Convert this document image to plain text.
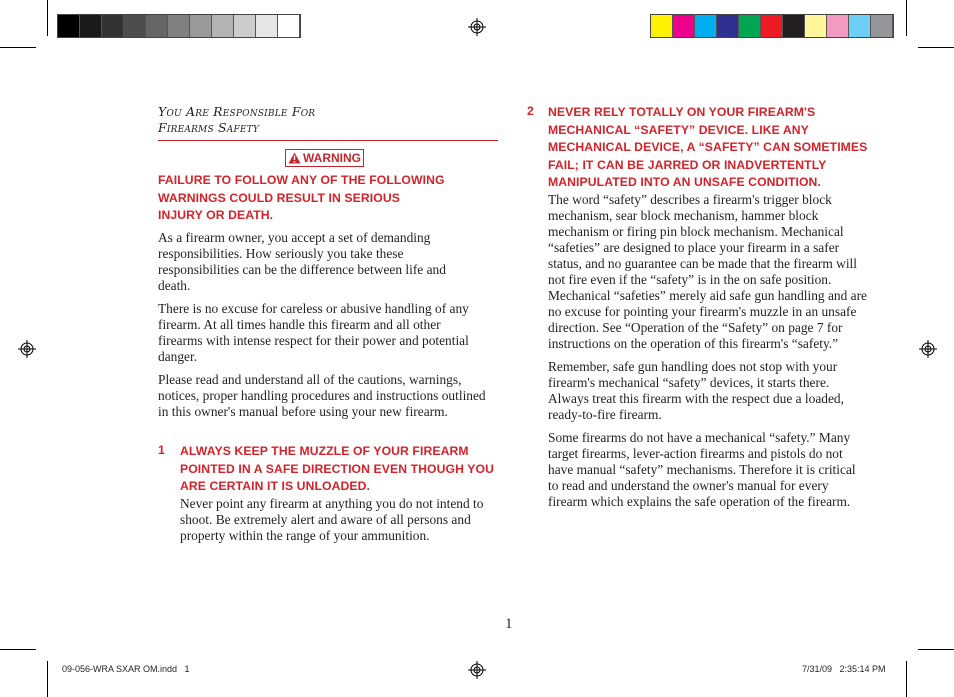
You Are Responsible For

Firearms Safety

WARNING

FAILURE TO FOLLOW ANY OF THE FOLLOWING WARNINGS COULD RESULT IN SERIOUS INJURY OR DEATH.

As a firearm owner, you accept a set of demanding responsibilities. How seriously you take these responsibilities can be the difference between life and death.

There is no excuse for careless or abusive handling of any firearm. At all times handle this firearm and all other firearms with intense respect for their power and potential danger.

Please read and understand all of the cautions, warnings, notices, proper handling procedures and instructions outlined in this owner's manual before using your new firearm.

1 ALWAYS KEEP THE MUZZLE OF YOUR FIREARM POINTED IN A SAFE DIRECTION EVEN THOUGH YOU ARE CERTAIN IT IS UNLOADED.

Never point any firearm at anything you do not intend to shoot. Be extremely alert and aware of all persons and property within the range of your ammunition.

2 NEVER RELY TOTALLY ON YOUR FIREARM'S MECHANICAL “SAFETY” DEVICE. LIKE ANY MECHANICAL DEVICE, A “SAFETY” CAN SOMETIMES FAIL; IT CAN BE JARRED OR INADVERTENTLY MANIPULATED INTO AN UNSAFE CONDITION.

The word “safety” describes a firearm's trigger block mechanism, sear block mechanism, hammer block mechanism or firing pin block mechanism. Mechanical “safeties” are designed to place your firearm in a safer status, and no guarantee can be made that the firearm will not fire even if the “safety” is in the on safe position. Mechanical “safeties” merely aid safe gun handling and are no excuse for pointing your firearm's muzzle in an unsafe direction. See “Operation of the “Safety” on page 7 for instructions on the operation of this firearm's “safety.”

Remember, safe gun handling does not stop with your firearm's mechanical “safety” devices, it starts there. Always treat this firearm with the respect due a loaded, ready-to-fire firearm.

Some firearms do not have a mechanical “safety.” Many target firearms, lever-action firearms and pistols do not have manual “safety” mechanisms. Therefore it is critical to read and understand the owner's manual for every firearm which explains the safe operation of the firearm.

1
09-056-WRA SXAR OM.indd   1	7/31/09   2:35:14 PM
